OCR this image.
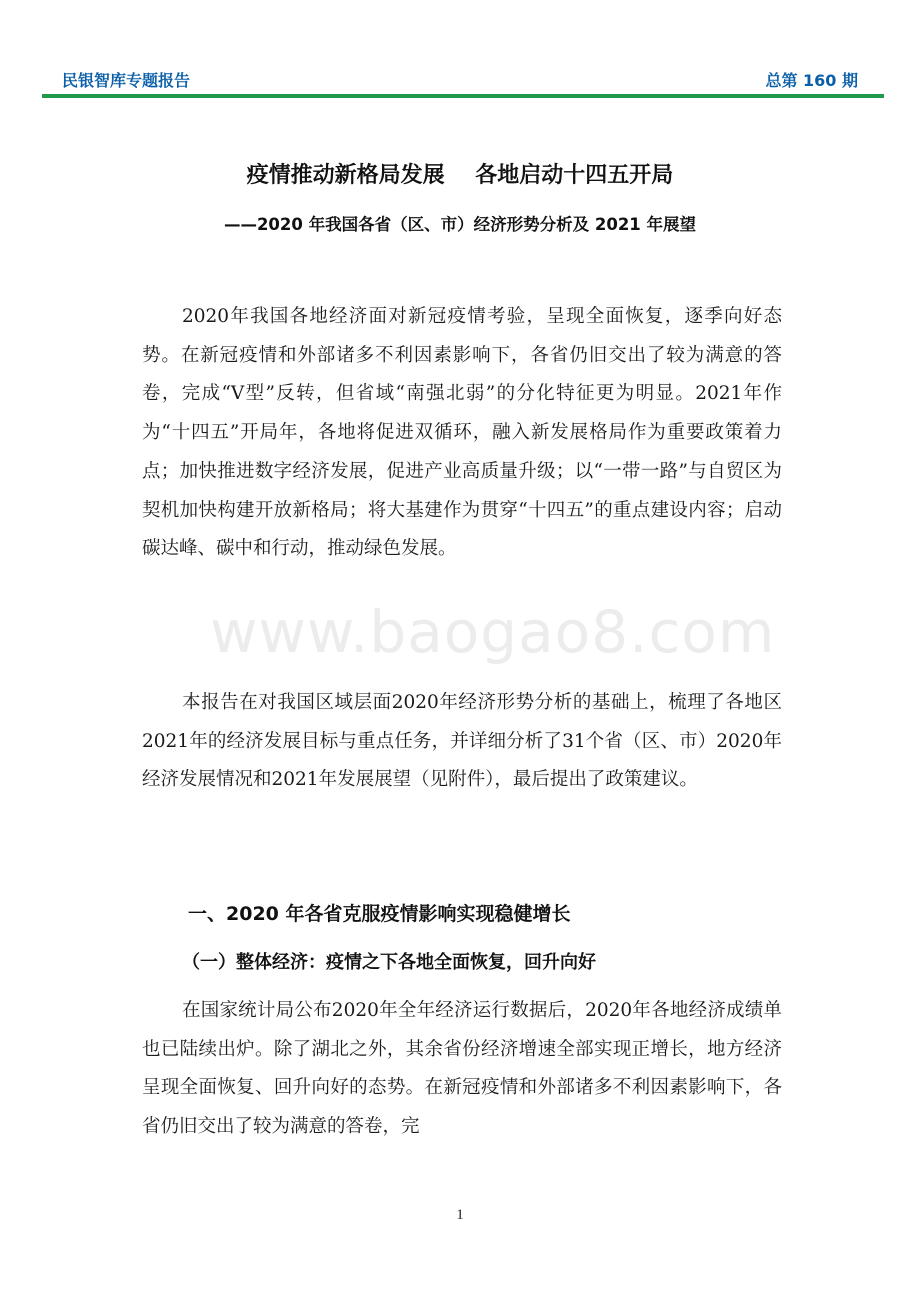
民银智库专题报告	总第 160 期
疫情推动新格局发展    各地启动十四五开局
——2020 年我国各省（区、市）经济形势分析及 2021 年展望

2020年我国各地经济面对新冠疫情考验，呈现全面恢复，逐季向好态势。在新冠疫情和外部诸多不利因素影响下，各省仍旧交出了较为满意的答卷，完成“V型”反转，但省域“南强北弱”的分化特征更为明显。2021年作为“十四五”开局年，各地将促进双循环，融入新发展格局作为重要政策着力点；加快推进数字经济发展，促进产业高质量升级；以“一带一路”与自贸区为契机加快构建开放新格局；将大基建作为贯穿“十四五”的重点建设内容；启动碳达峰、碳中和行动，推动绿色发展。

本报告在对我国区域层面2020年经济形势分析的基础上，梳理了各地区2021年的经济发展目标与重点任务，并详细分析了31个省（区、市）2020年经济发展情况和2021年发展展望（见附件），最后提出了政策建议。

一、2020 年各省克服疫情影响实现稳健增长
（一）整体经济：疫情之下各地全面恢复，回升向好

在国家统计局公布2020年全年经济运行数据后，2020年各地经济成绩单也已陆续出炉。除了湖北之外，其余省份经济增速全部实现正增长，地方经济呈现全面恢复、回升向好的态势。在新冠疫情和外部诸多不利因素影响下，各省仍旧交出了较为满意的答卷，完

www.baogao8.com
1
